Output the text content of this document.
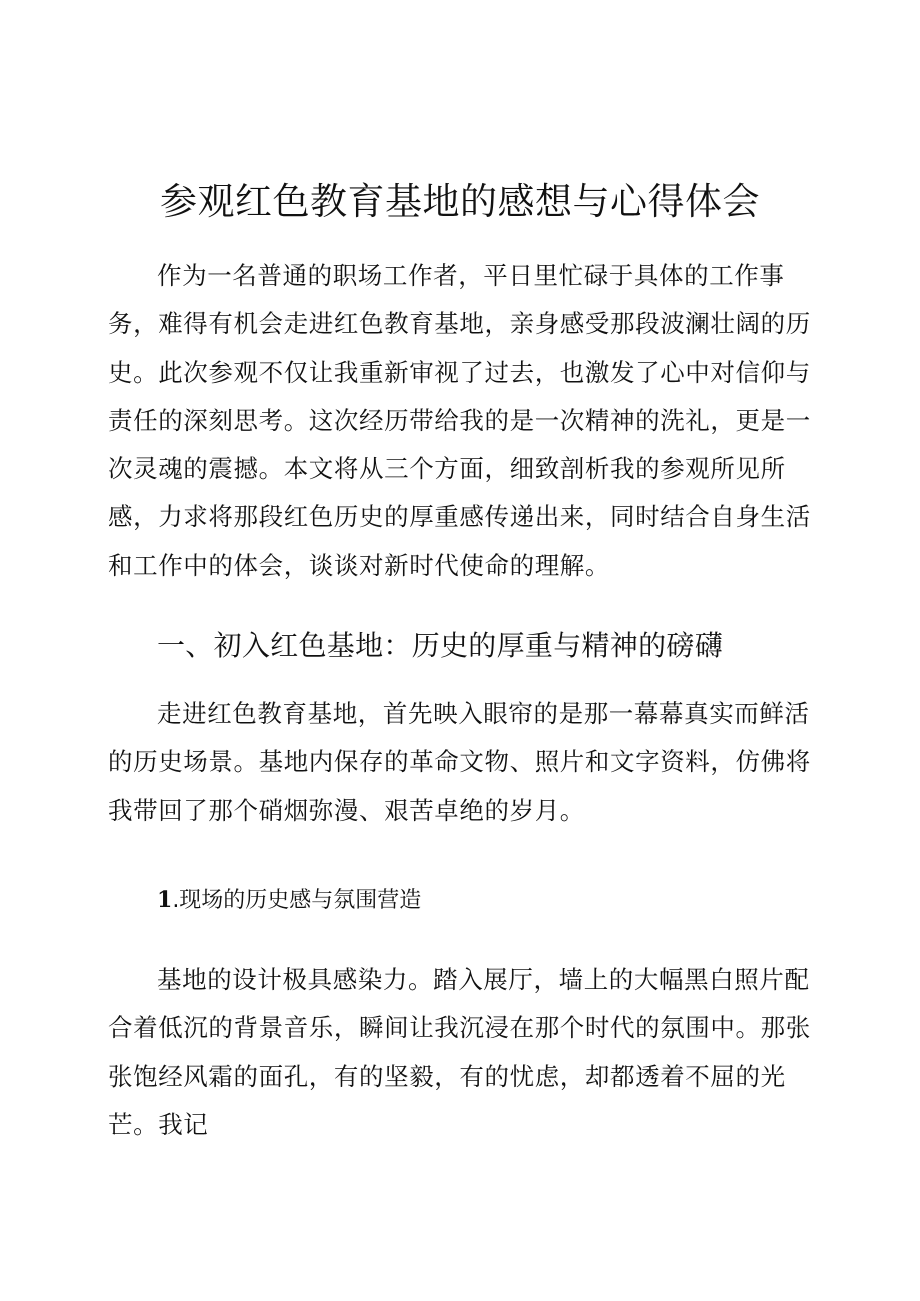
参观红色教育基地的感想与心得体会

作为一名普通的职场工作者，平日里忙碌于具体的工作事务，难得有机会走进红色教育基地，亲身感受那段波澜壮阔的历史。此次参观不仅让我重新审视了过去，也激发了心中对信仰与责任的深刻思考。这次经历带给我的是一次精神的洗礼，更是一次灵魂的震撼。本文将从三个方面，细致剖析我的参观所见所感，力求将那段红色历史的厚重感传递出来，同时结合自身生活和工作中的体会，谈谈对新时代使命的理解。

一、初入红色基地：历史的厚重与精神的磅礴

走进红色教育基地，首先映入眼帘的是那一幕幕真实而鲜活的历史场景。基地内保存的革命文物、照片和文字资料，仿佛将我带回了那个硝烟弥漫、艰苦卓绝的岁月。

1.现场的历史感与氛围营造

基地的设计极具感染力。踏入展厅，墙上的大幅黑白照片配合着低沉的背景音乐，瞬间让我沉浸在那个时代的氛围中。那张张饱经风霜的面孔，有的坚毅，有的忧虑，却都透着不屈的光芒。我记
